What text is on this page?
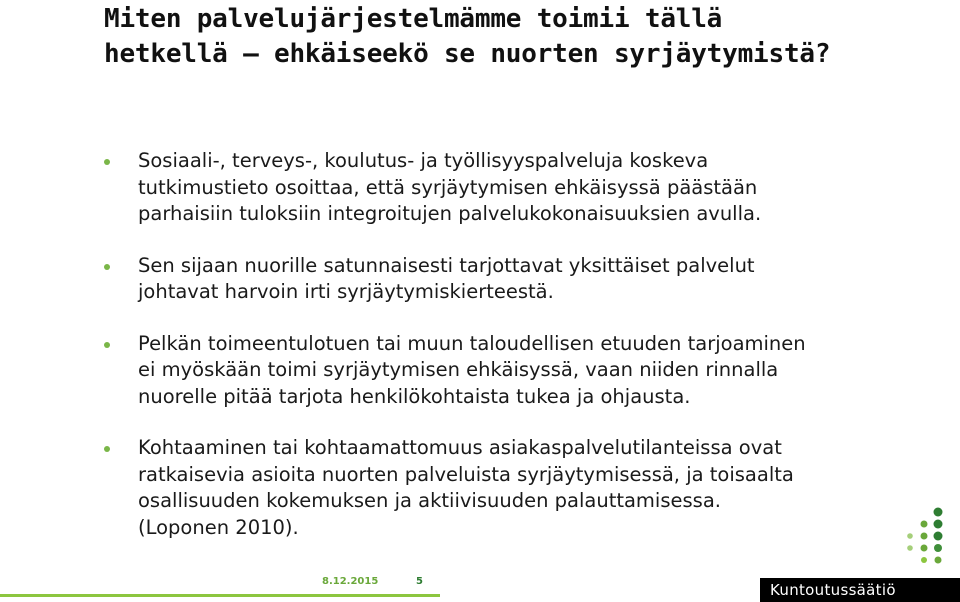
Miten palvelujärjestelmämme toimii tällä
hetkellä – ehkäiseekö se nuorten syrjäytymistä?
Sosiaali-, terveys-, koulutus- ja työllisyyspalveluja koskeva
tutkimustieto osoittaa, että syrjäytymisen ehkäisyssä päästään
parhaisiin tuloksiin integroitujen palvelukokonaisuuksien avulla.
Sen sijaan nuorille satunnaisesti tarjottavat yksittäiset palvelut
johtavat harvoin irti syrjäytymiskierteestä.
Pelkän toimeentulotuen tai muun taloudellisen etuuden tarjoaminen
ei myöskään toimi syrjäytymisen ehkäisyssä, vaan niiden rinnalla
nuorelle pitää tarjota henkilökohtaista tukea ja ohjausta.
Kohtaaminen tai kohtaamattomuus asiakaspalvelutilanteissa ovat
ratkaisevia asioita nuorten palveluista syrjäytymisessä, ja toisaalta
osallisuuden kokemuksen ja aktiivisuuden palauttamisessa.
(Loponen 2010).
8.12.2015	5	Kuntoutussäätiö
